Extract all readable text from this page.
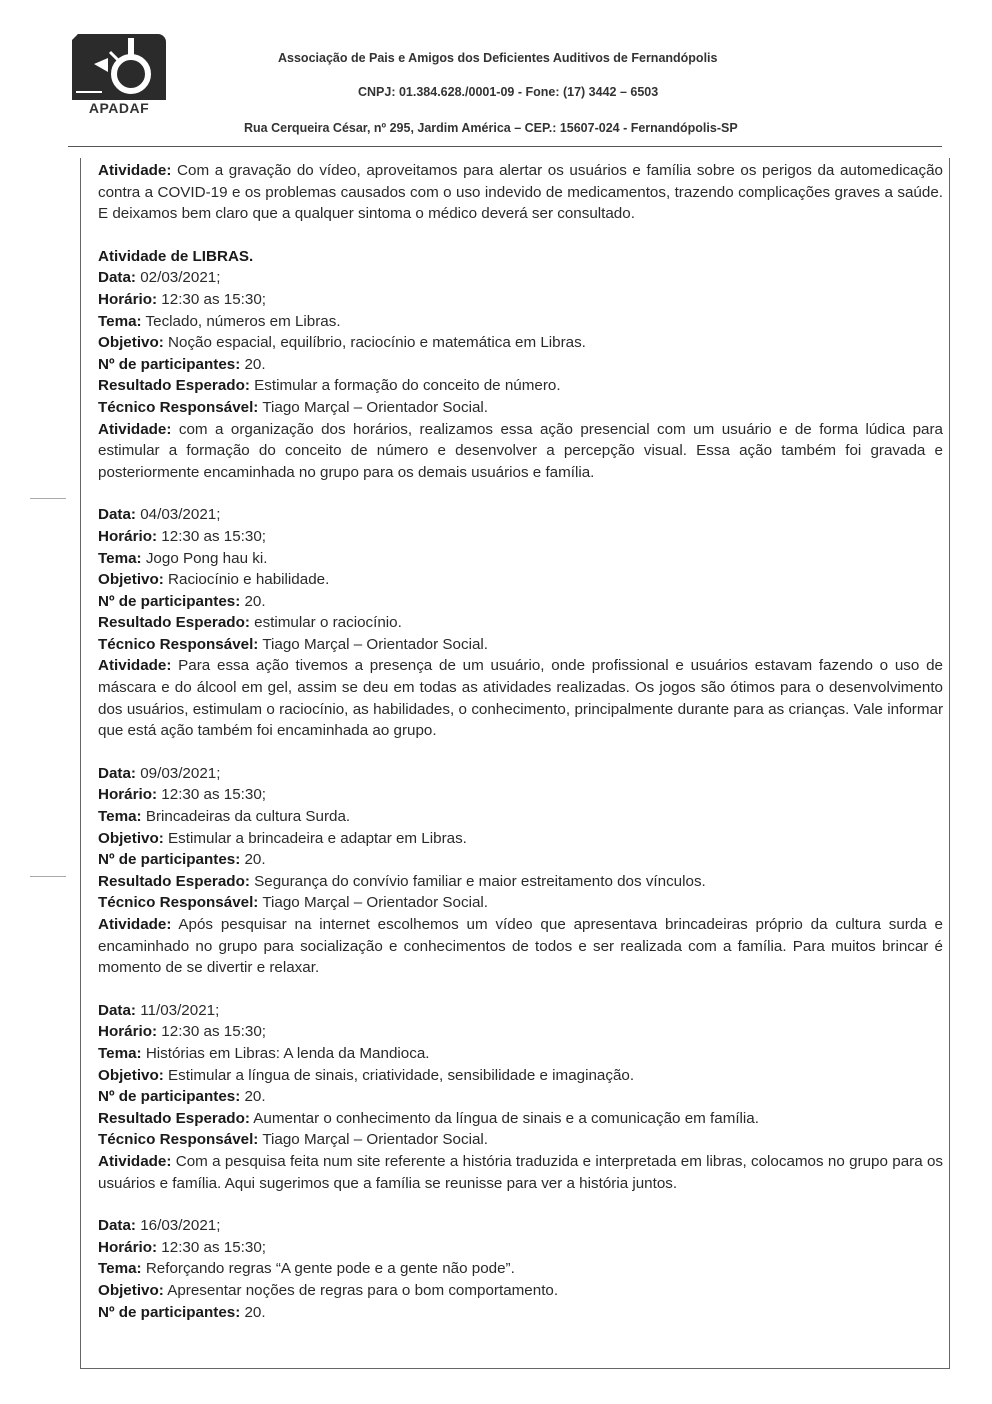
APADAF
Associação de Pais e Amigos dos Deficientes Auditivos de Fernandópolis
CNPJ: 01.384.628./0001-09 - Fone: (17) 3442 – 6503
Rua Cerqueira César, nº 295, Jardim América – CEP.: 15607-024 - Fernandópolis-SP

Atividade: Com a gravação do vídeo, aproveitamos para alertar os usuários e família sobre os perigos da automedicação contra a COVID-19 e os problemas causados com o uso indevido de medicamentos, trazendo complicações graves a saúde. E deixamos bem claro que a qualquer sintoma o médico deverá ser consultado.

Atividade de LIBRAS.

Data: 02/03/2021;

Horário: 12:30 as 15:30;

Tema: Teclado, números em Libras.

Objetivo: Noção espacial, equilíbrio, raciocínio e matemática em Libras.

Nº de participantes: 20.

Resultado Esperado: Estimular a formação do conceito de número.

Técnico Responsável: Tiago Marçal – Orientador Social.

Atividade: com a organização dos horários, realizamos essa ação presencial com um usuário e de forma lúdica para estimular a formação do conceito de número e desenvolver a percepção visual. Essa ação também foi gravada e posteriormente encaminhada no grupo para os demais usuários e família.

Data: 04/03/2021;

Horário: 12:30 as 15:30;

Tema: Jogo Pong hau ki.

Objetivo: Raciocínio e habilidade.

Nº de participantes: 20.

Resultado Esperado: estimular o raciocínio.

Técnico Responsável: Tiago Marçal – Orientador Social.

Atividade: Para essa ação tivemos a presença de um usuário, onde profissional e usuários estavam fazendo o uso de máscara e do álcool em gel, assim se deu em todas as atividades realizadas. Os jogos são ótimos para o desenvolvimento dos usuários, estimulam o raciocínio, as habilidades, o conhecimento, principalmente durante para as crianças. Vale informar que está ação também foi encaminhada ao grupo.

Data: 09/03/2021;

Horário: 12:30 as 15:30;

Tema: Brincadeiras da cultura Surda.

Objetivo: Estimular a brincadeira e adaptar em Libras.

Nº de participantes: 20.

Resultado Esperado: Segurança do convívio familiar e maior estreitamento dos vínculos.

Técnico Responsável: Tiago Marçal – Orientador Social.

Atividade: Após pesquisar na internet escolhemos um vídeo que apresentava brincadeiras próprio da cultura surda e encaminhado no grupo para socialização e conhecimentos de todos e ser realizada com a família. Para muitos brincar é momento de se divertir e relaxar.

Data: 11/03/2021;

Horário: 12:30 as 15:30;

Tema: Histórias em Libras: A lenda da Mandioca.

Objetivo: Estimular a língua de sinais, criatividade, sensibilidade e imaginação.

Nº de participantes: 20.

Resultado Esperado: Aumentar o conhecimento da língua de sinais e a comunicação em família.

Técnico Responsável: Tiago Marçal – Orientador Social.

Atividade: Com a pesquisa feita num site referente a história traduzida e interpretada em libras, colocamos no grupo para os usuários e família. Aqui sugerimos que a família se reunisse para ver a história juntos.

Data: 16/03/2021;

Horário: 12:30 as 15:30;

Tema: Reforçando regras “A gente pode e a gente não pode”.

Objetivo: Apresentar noções de regras para o bom comportamento.

Nº de participantes: 20.
